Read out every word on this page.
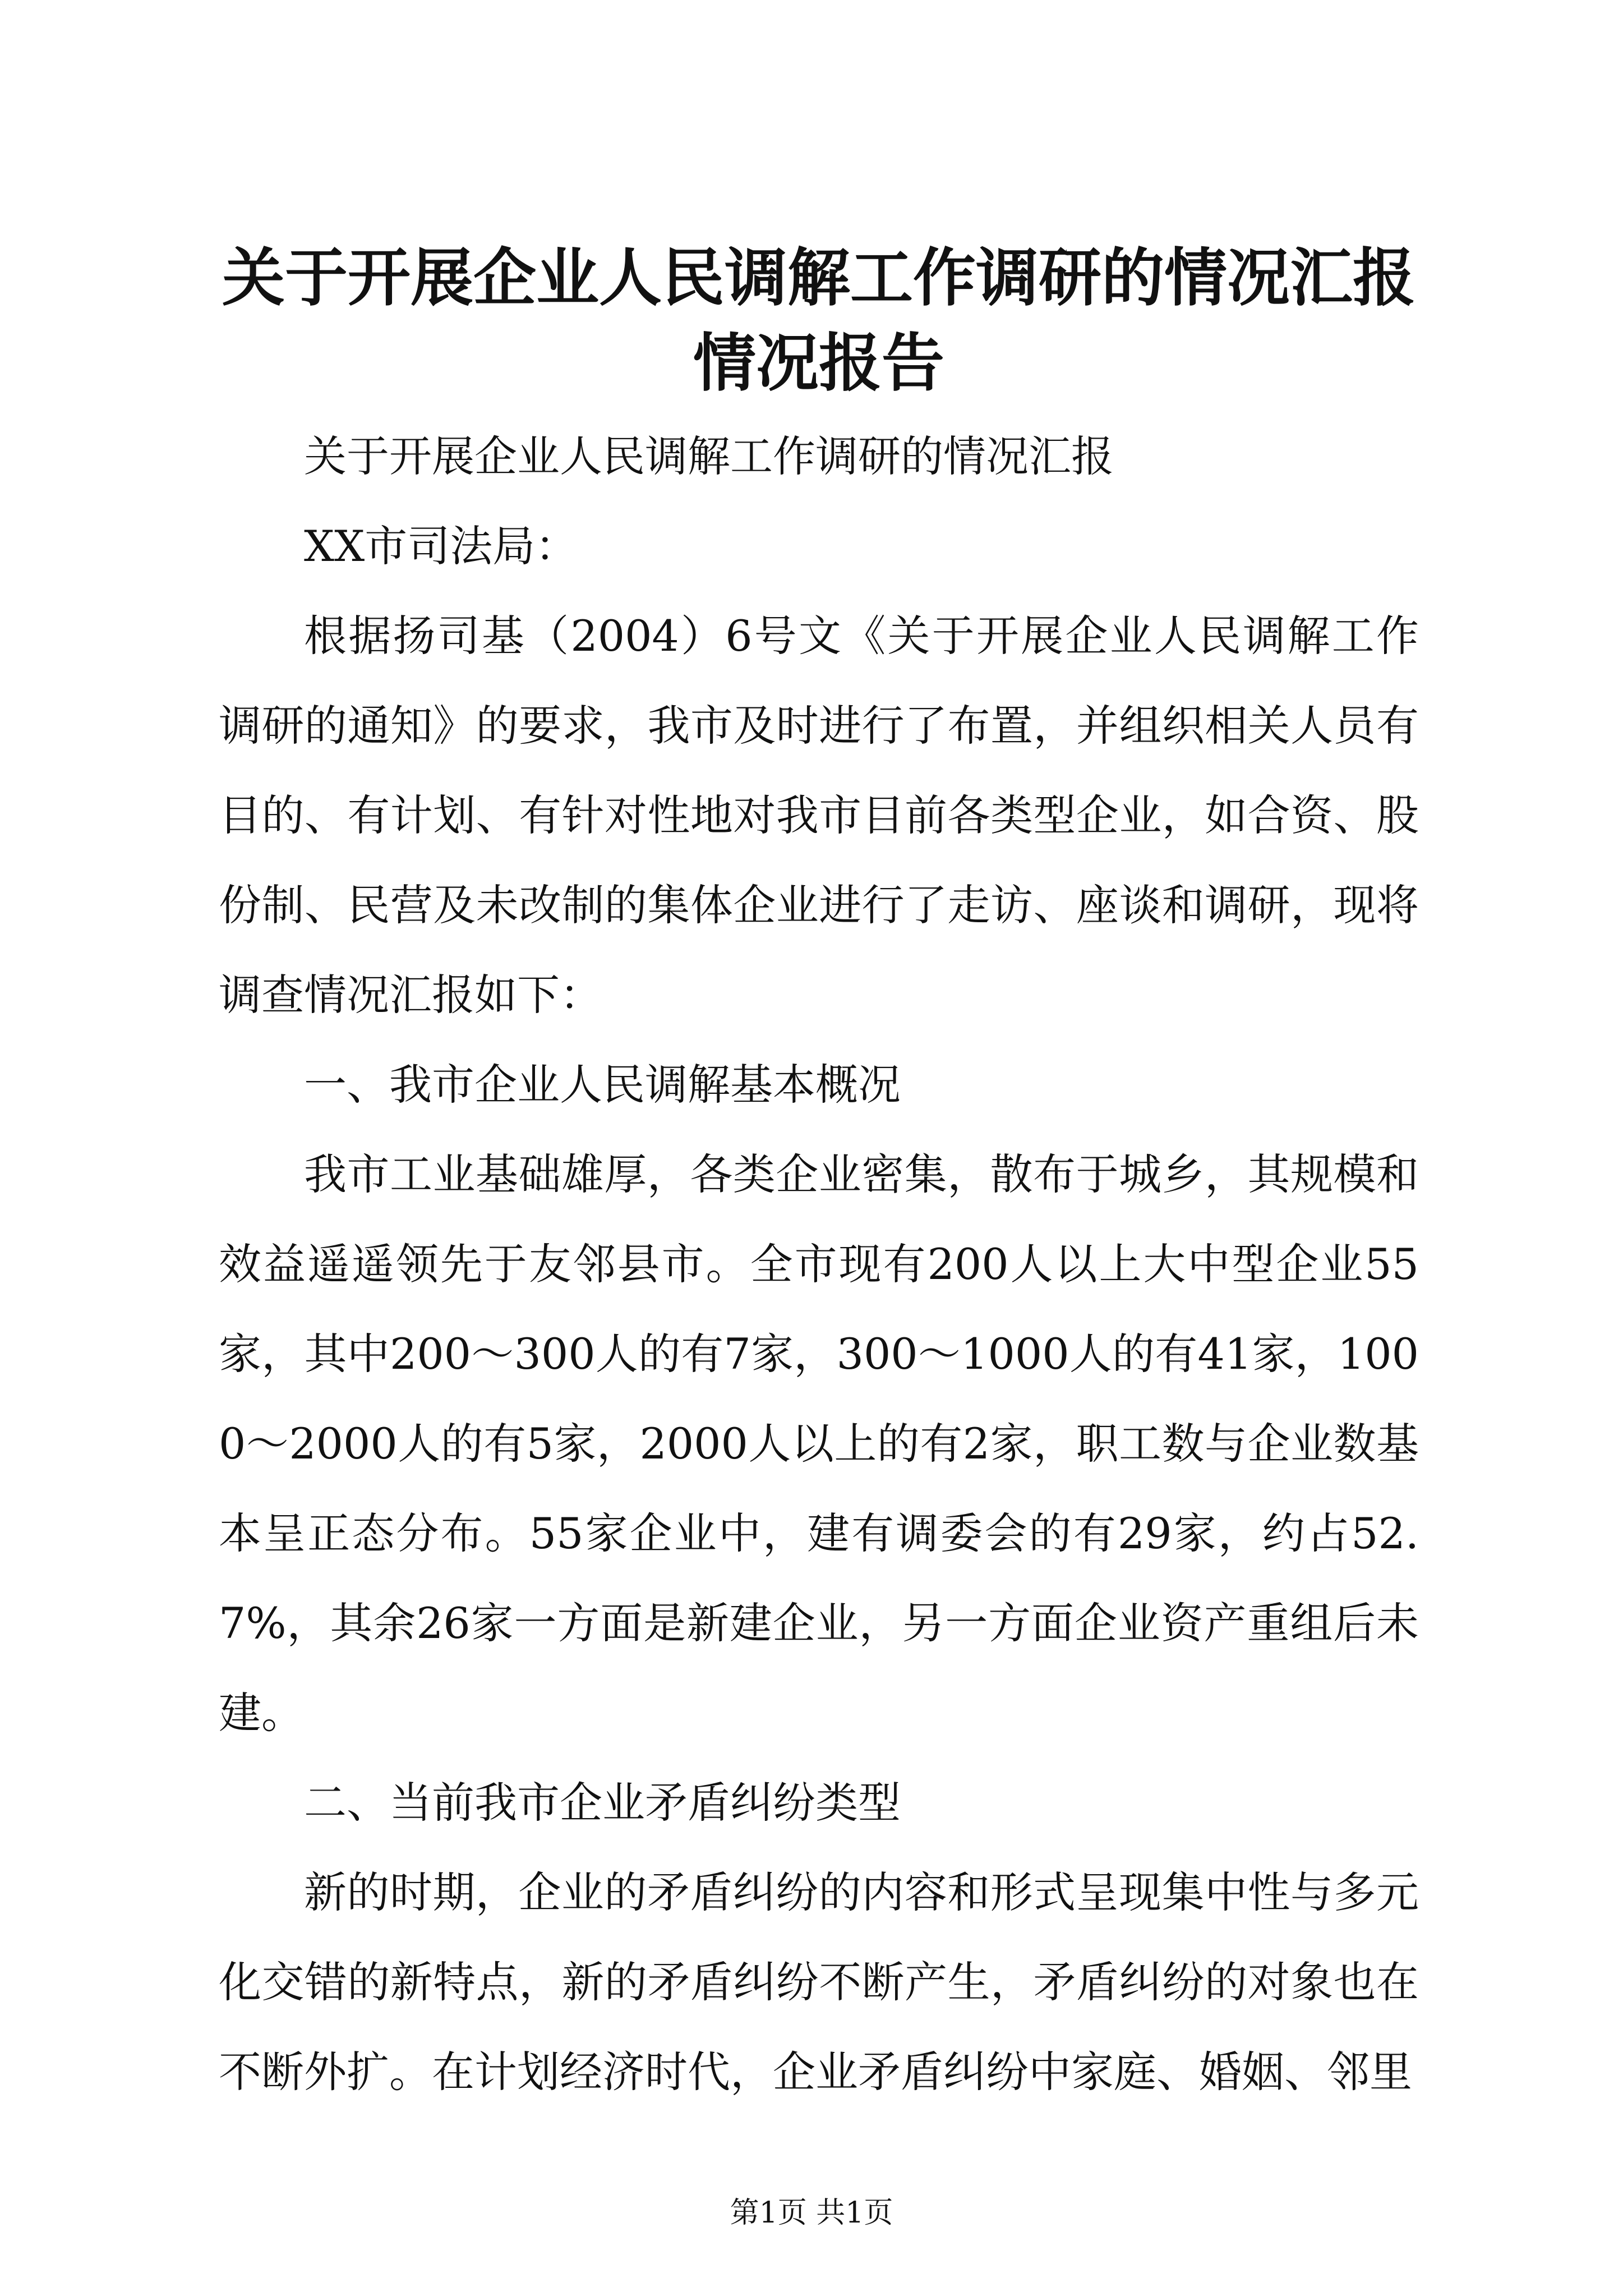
关于开展企业人民调解工作调研的情况汇报情况报告

关于开展企业人民调解工作调研的情况汇报

XX市司法局：

根据扬司基（2004）6号文《关于开展企业人民调解工作调研的通知》的要求，我市及时进行了布置，并组织相关人员有目的、有计划、有针对性地对我市目前各类型企业，如合资、股份制、民营及未改制的集体企业进行了走访、座谈和调研，现将调查情况汇报如下：

一、我市企业人民调解基本概况

我市工业基础雄厚，各类企业密集，散布于城乡，其规模和效益遥遥领先于友邻县市。全市现有200人以上大中型企业55家，其中200～300人的有7家，300～1000人的有41家，1000～2000人的有5家，2000人以上的有2家，职工数与企业数基本呈正态分布。55家企业中，建有调委会的有29家，约占52.7%，其余26家一方面是新建企业，另一方面企业资产重组后未建。

二、当前我市企业矛盾纠纷类型

新的时期，企业的矛盾纠纷的内容和形式呈现集中性与多元化交错的新特点，新的矛盾纠纷不断产生，矛盾纠纷的对象也在不断外扩。在计划经济时代，企业矛盾纠纷中家庭、婚姻、邻里

第1页 共1页
